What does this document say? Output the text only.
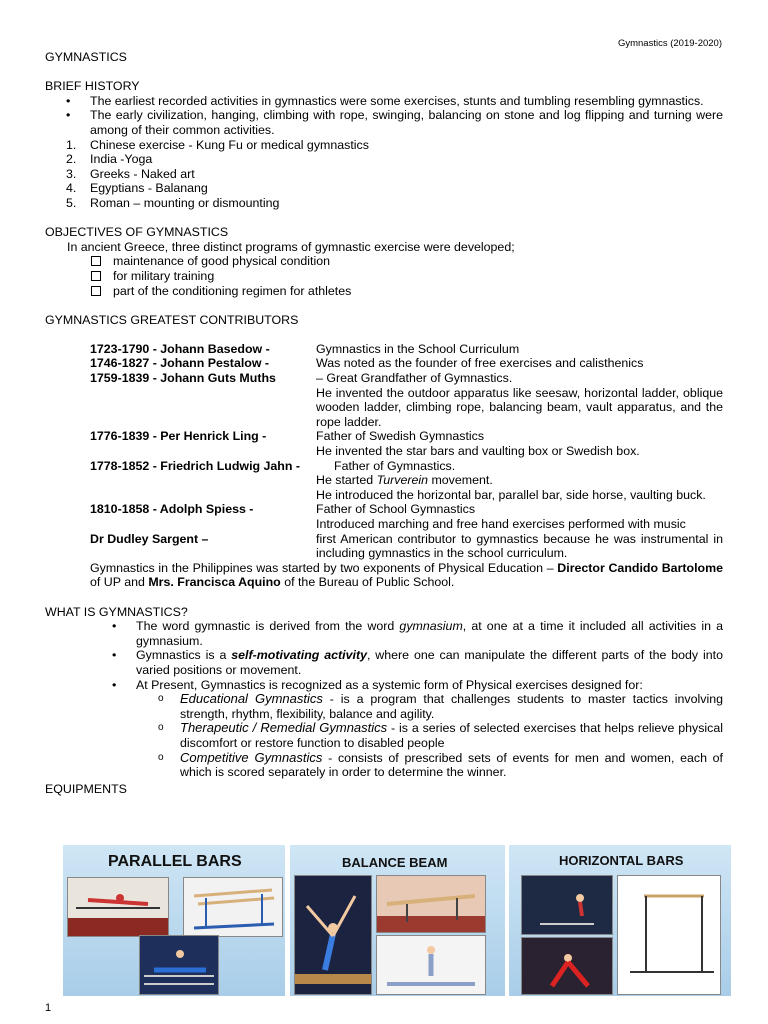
Gymnastics (2019-2020)

GYMNASTICS

BRIEF HISTORY

• The earliest recorded activities in gymnastics were some exercises, stunts and tumbling resembling gymnastics.
• The early civilization, hanging, climbing with rope, swinging, balancing on stone and log flipping and turning were among of their common activities.
1. Chinese exercise - Kung Fu or medical gymnastics
2. India -Yoga
3. Greeks - Naked art
4. Egyptians - Balanang
5. Roman – mounting or dismounting

OBJECTIVES OF GYMNASTICS

In ancient Greece, three distinct programs of gymnastic exercise were developed;
maintenance of good physical condition
for military training
part of the conditioning regimen for athletes

GYMNASTICS GREATEST CONTRIBUTORS

1723-1790 - Johann Basedow -	Gymnastics in the School Curriculum
1746-1827 - Johann Pestalow -	Was noted as the founder of free exercises and calisthenics
1759-1839 - Johann Guts Muths	– Great Grandfather of Gymnastics.
He invented the outdoor apparatus like seesaw, horizontal ladder, oblique wooden ladder, climbing rope, balancing beam, vault apparatus, and the rope ladder.
1776-1839 - Per Henrick Ling -	Father of Swedish Gymnastics
He invented the star bars and vaulting box or Swedish box.
1778-1852 - Friedrich Ludwig Jahn -	Father of Gymnastics.
He started Turverein movement.
He introduced the horizontal bar, parallel bar, side horse, vaulting buck.
1810-1858 - Adolph Spiess -	Father of School Gymnastics
Introduced marching and free hand exercises performed with music
Dr Dudley Sargent –	first American contributor to gymnastics because he was instrumental in including gymnastics in the school curriculum.
Gymnastics in the Philippines was started by two exponents of Physical Education – Director Candido Bartolome of UP and Mrs. Francisca Aquino of the Bureau of Public School.

WHAT IS GYMNASTICS?

• The word gymnastic is derived from the word gymnasium, at one at a time it included all activities in a gymnasium.
• Gymnastics is a self-motivating activity, where one can manipulate the different parts of the body into varied positions or movement.
• At Present, Gymnastics is recognized as a systemic form of Physical exercises designed for:
o Educational Gymnastics - is a program that challenges students to master tactics involving strength, rhythm, flexibility, balance and agility.
o Therapeutic / Remedial Gymnastics - is a series of selected exercises that helps relieve physical discomfort or restore function to disabled people
o Competitive Gymnastics - consists of prescribed sets of events for men and women, each of which is scored separately in order to determine the winner.

EQUIPMENTS

PARALLEL BARS	BALANCE BEAM	HORIZONTAL BARS
1
